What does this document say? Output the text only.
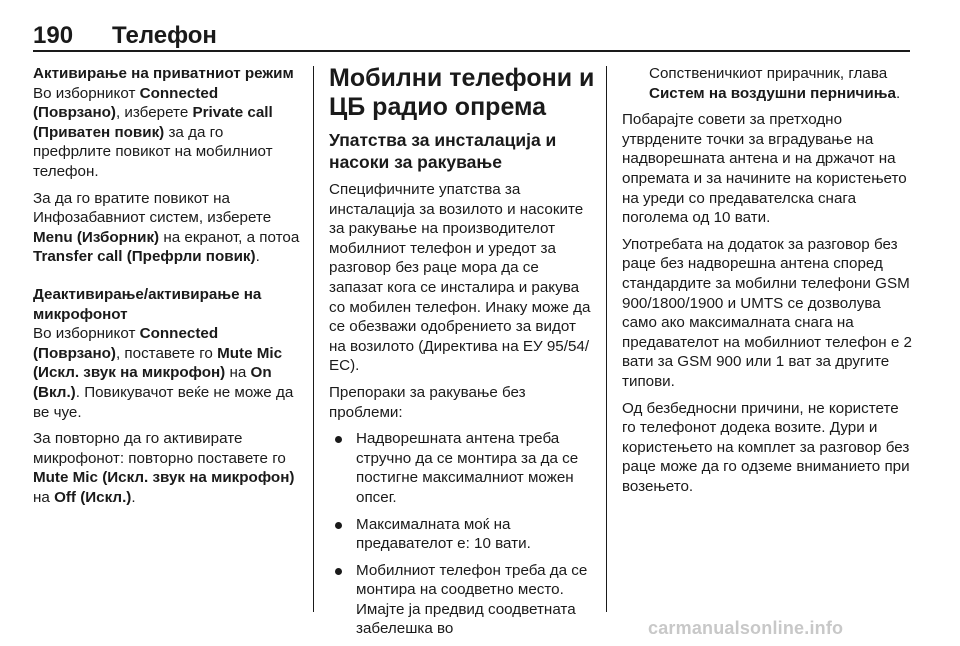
190 Телефон
Активирање на приватниот режим

Во изборникот Connected (Поврзано), изберете Private call (Приватен повик) за да го префрлите повикот на мобилниот телефон.

За да го вратите повикот на Инфозабавниот систем, изберете Menu (Изборник) на екранот, а потоа Transfer call (Префрли повик).

Деактивирање/активирање на микрофонот

Во изборникот Connected (Поврзано), поставете го Mute Mic (Искл. звук на микрофон) на On (Вкл.). Повикувачот веќе не може да ве чуе.

За повторно да го активирате микрофонот: повторно поставете го Mute Mic (Искл. звук на микрофон) на Off (Искл.).

Мобилни телефони и ЦБ радио опрема
Упатства за инсталација и насоки за ракување

Специфичните упатства за инсталација за возилото и насоките за ракување на производителот мобилниот телефон и уредот за разговор без раце мора да се запазат кога се инсталира и ракува со мобилен телефон. Инаку може да се обезважи одобрението за видот на возилото (Директива на ЕУ 95/54/ЕС).

Препораки за ракување без проблеми:

Надворешната антена треба стручно да се монтира за да се постигне максималниот можен опсег.
Максималната моќ на предавателот е: 10 вати.
Мобилниот телефон треба да се монтира на соодветно место. Имајте ја предвид соодветната забелешка во

Сопственичкиот прирачник, глава Систем на воздушни перничиња.

Побарајте совети за претходно утврдените точки за вградување на надворешната антена и на држачот на опремата и за начините на користењето на уреди со предавателска снага поголема од 10 вати.

Употребата на додаток за разговор без раце без надворешна антена според стандардите за мобилни телефони GSM 900/1800/1900 и UMTS се дозволува само ако максималната снага на предавателот на мобилниот телефон е 2 вати за GSM 900 или 1 ват за другите типови.

Од безбедносни причини, не користете го телефонот додека возите. Дури и користењето на комплет за разговор без раце може да го одземе вниманието при возењето.

carmanualsonline.info
